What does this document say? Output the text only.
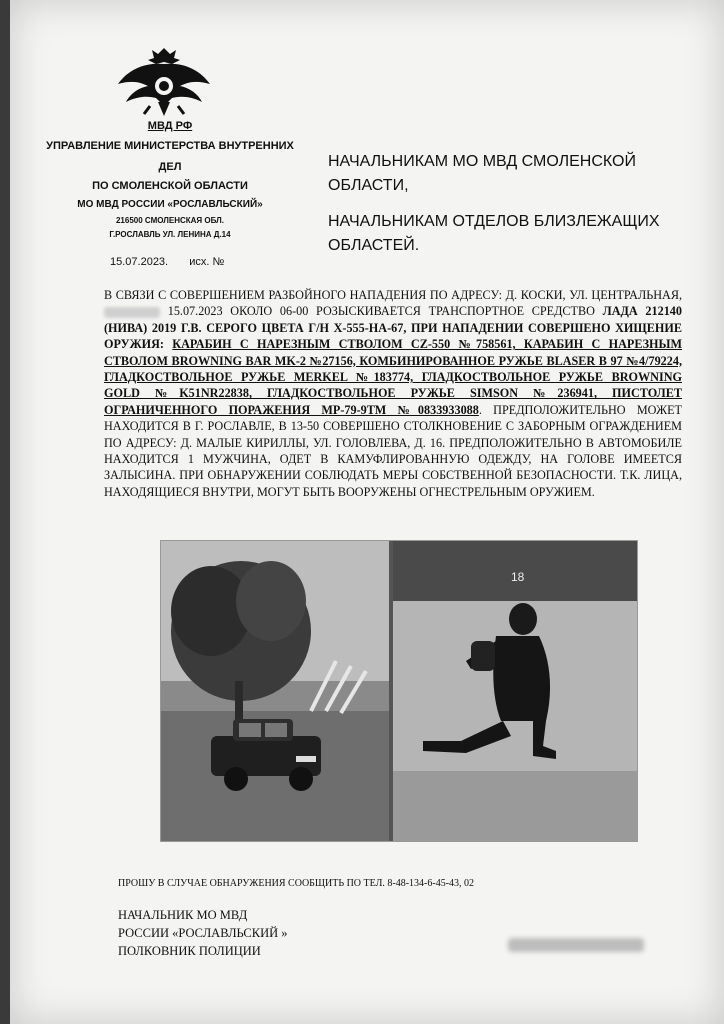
МВД РФ
УПРАВЛЕНИЕ МИНИСТЕРСТВА ВНУТРЕННИХ
ДЕЛ
ПО СМОЛЕНСКОЙ ОБЛАСТИ
МО МВД РОССИИ «РОСЛАВЛЬСКИЙ»
216500 СМОЛЕНСКАЯ ОБЛ.
Г.РОСЛАВЛЬ УЛ. ЛЕНИНА Д.14
15.07.2023. исх. №
НАЧАЛЬНИКАМ МО МВД СМОЛЕНСКОЙ ОБЛАСТИ,
НАЧАЛЬНИКАМ ОТДЕЛОВ БЛИЗЛЕЖАЩИХ ОБЛАСТЕЙ.
В СВЯЗИ С СОВЕРШЕНИЕМ РАЗБОЙНОГО НАПАДЕНИЯ ПО АДРЕСУ: Д. КОСКИ, УЛ. ЦЕНТРАЛЬНАЯ,  15.07.2023 ОКОЛО 06-00 РОЗЫСКИВАЕТСЯ ТРАНСПОРТНОЕ СРЕДСТВО ЛАДА 212140 (НИВА) 2019 Г.В. СЕРОГО ЦВЕТА Г/Н Х-555-НА-67, ПРИ НАПАДЕНИИ СОВЕРШЕНО ХИЩЕНИЕ ОРУЖИЯ: КАРАБИН С НАРЕЗНЫМ СТВОЛОМ CZ-550 №758561, КАРАБИН С НАРЕЗНЫМ СТВОЛОМ BROWNING BAR MK-2 №27156, КОМБИНИРОВАННОЕ РУЖЬЕ BLASER В 97 №4/79224, ГЛАДКОСТВОЛЬНОЕ РУЖЬЕ MERKEL №183774, ГЛАДКОСТВОЛЬНОЕ РУЖЬЕ BROWNING GOLD №K51NR22838, ГЛАДКОСТВОЛЬНОЕ РУЖЬЕ SIMSON №236941, ПИСТОЛЕТ ОГРАНИЧЕННОГО ПОРАЖЕНИЯ МР-79-9ТМ №0833933088. ПРЕДПОЛОЖИТЕЛЬНО МОЖЕТ НАХОДИТСЯ В Г. РОСЛАВЛЕ, В 13-50 СОВЕРШЕНО СТОЛКНОВЕНИЕ С ЗАБОРНЫМ ОГРАЖДЕНИЕМ ПО АДРЕСУ: Д. МАЛЫЕ КИРИЛЛЫ, УЛ. ГОЛОВЛЕВА, Д. 16. ПРЕДПОЛОЖИТЕЛЬНО В АВТОМОБИЛЕ НАХОДИТСЯ 1 МУЖЧИНА, ОДЕТ В КАМУФЛИРОВАННУЮ ОДЕЖДУ, НА ГОЛОВЕ ИМЕЕТСЯ ЗАЛЫСИНА. ПРИ ОБНАРУЖЕНИИ СОБЛЮДАТЬ МЕРЫ СОБСТВЕННОЙ БЕЗОПАСНОСТИ. Т.К. ЛИЦА, НАХОДЯЩИЕСЯ ВНУТРИ, МОГУТ БЫТЬ ВООРУЖЕНЫ ОГНЕСТРЕЛЬНЫМ ОРУЖИЕМ.
18
ПРОШУ В СЛУЧАЕ ОБНАРУЖЕНИЯ СООБЩИТЬ ПО ТЕЛ. 8-48-134-6-45-43, 02
НАЧАЛЬНИК МО МВД
РОССИИ «РОСЛАВЛЬСКИЙ »
ПОЛКОВНИК ПОЛИЦИИ
